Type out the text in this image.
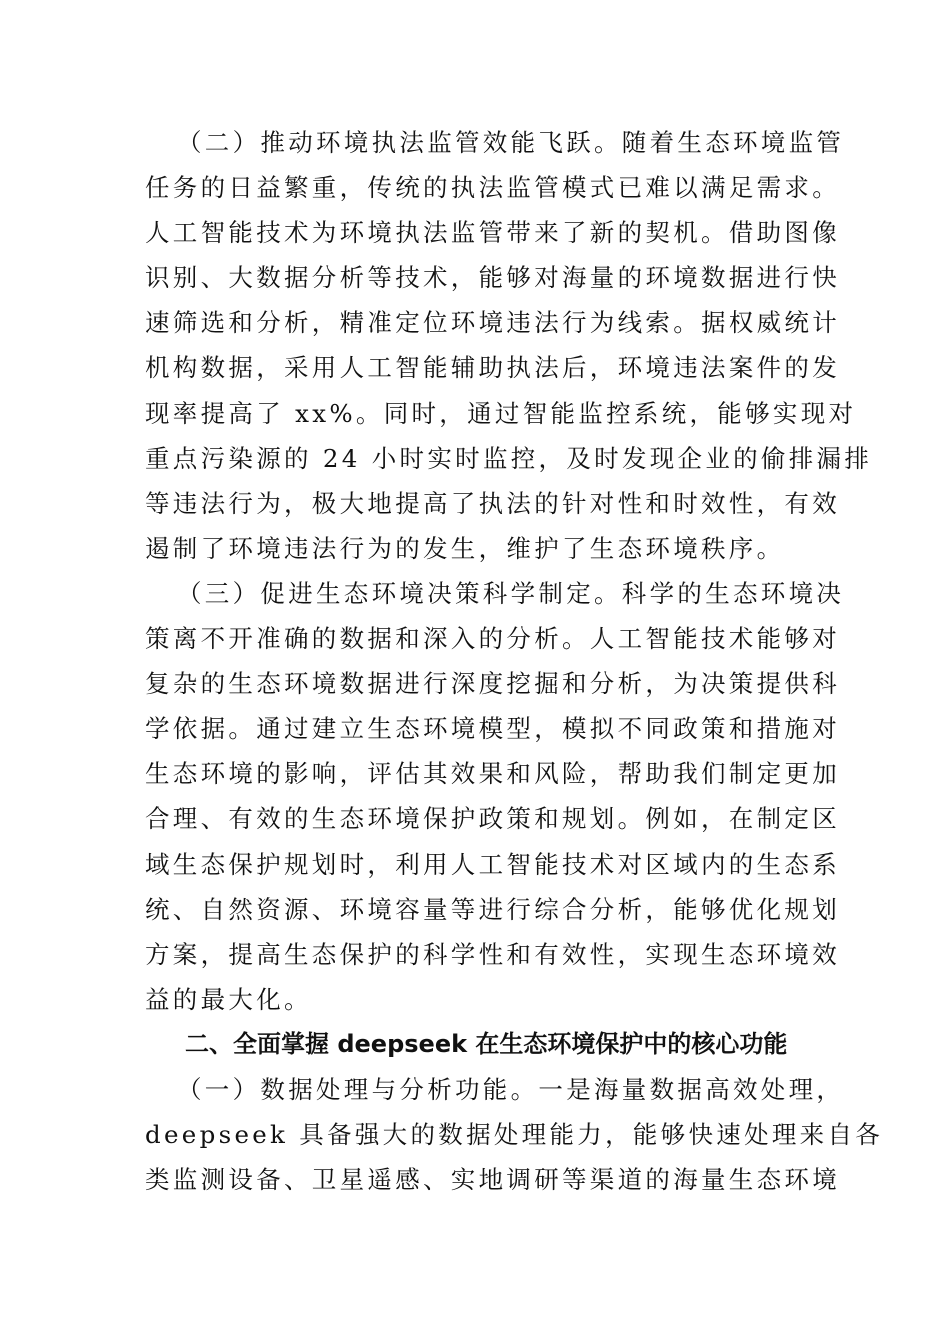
（二）推动环境执法监管效能飞跃。随着生态环境监管
任务的日益繁重，传统的执法监管模式已难以满足需求。
人工智能技术为环境执法监管带来了新的契机。借助图像
识别、大数据分析等技术，能够对海量的环境数据进行快
速筛选和分析，精准定位环境违法行为线索。据权威统计
机构数据，采用人工智能辅助执法后，环境违法案件的发
现率提高了 xx%。同时，通过智能监控系统，能够实现对
重点污染源的 24 小时实时监控，及时发现企业的偷排漏排
等违法行为，极大地提高了执法的针对性和时效性，有效
遏制了环境违法行为的发生，维护了生态环境秩序。
（三）促进生态环境决策科学制定。科学的生态环境决
策离不开准确的数据和深入的分析。人工智能技术能够对
复杂的生态环境数据进行深度挖掘和分析，为决策提供科
学依据。通过建立生态环境模型，模拟不同政策和措施对
生态环境的影响，评估其效果和风险，帮助我们制定更加
合理、有效的生态环境保护政策和规划。例如，在制定区
域生态保护规划时，利用人工智能技术对区域内的生态系
统、自然资源、环境容量等进行综合分析，能够优化规划
方案，提高生态保护的科学性和有效性，实现生态环境效
益的最大化。
二、全面掌握 deepseek 在生态环境保护中的核心功能
（一）数据处理与分析功能。一是海量数据高效处理，
deepseek 具备强大的数据处理能力，能够快速处理来自各
类监测设备、卫星遥感、实地调研等渠道的海量生态环境
